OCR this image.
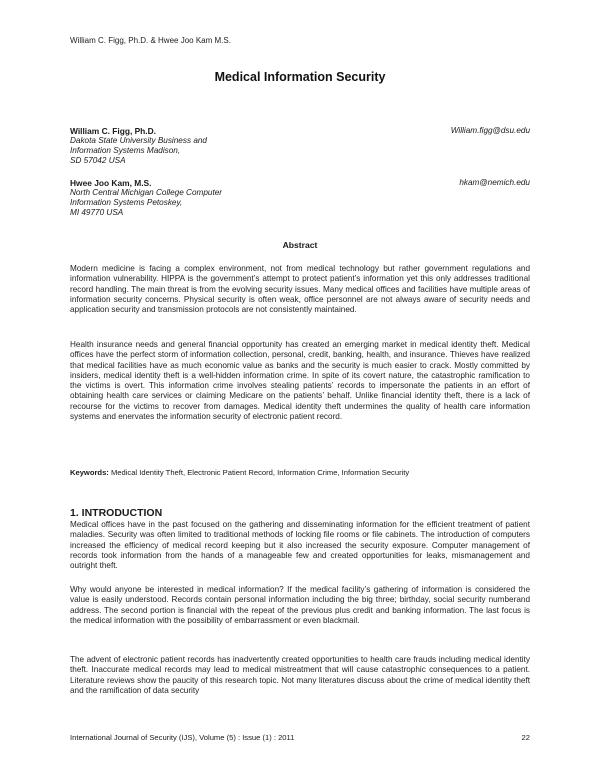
William C. Figg, Ph.D. & Hwee Joo Kam M.S.
Medical Information Security
William C. Figg, Ph.D.	William.figg@dsu.edu
Dakota State University Business and
Information Systems Madison,
SD 57042 USA
Hwee Joo Kam, M.S.	hkam@nemich.edu
North Central Michigan College Computer
Information Systems Petoskey,
MI 49770 USA
Abstract
Modern medicine is facing a complex environment, not from medical technology but rather government regulations and information vulnerability. HIPPA is the government’s attempt to protect patient’s information yet this only addresses traditional record handling. The main threat is from the evolving security issues. Many medical offices and facilities have multiple areas of information security concerns. Physical security is often weak, office personnel are not always aware of security needs and application security and transmission protocols are not consistently maintained.
Health insurance needs and general financial opportunity has created an emerging market in medical identity theft. Medical offices have the perfect storm of information collection, personal, credit, banking, health, and insurance. Thieves have realized that medical facilities have as much economic value as banks and the security is much easier to crack. Mostly committed by insiders, medical identity theft is a well-hidden information crime. In spite of its covert nature, the catastrophic ramification to the victims is overt. This information crime involves stealing patients’ records to impersonate the patients in an effort of obtaining health care services or claiming Medicare on the patients’ behalf. Unlike financial identity theft, there is a lack of recourse for the victims to recover from damages. Medical identity theft undermines the quality of health care information systems and enervates the information security of electronic patient record.
Keywords: Medical Identity Theft, Electronic Patient Record, Information Crime, Information Security
1. INTRODUCTION
Medical offices have in the past focused on the gathering and disseminating information for the efficient treatment of patient maladies. Security was often limited to traditional methods of locking file rooms or file cabinets. The introduction of computers increased the efficiency of medical record keeping but it also increased the security exposure. Computer management of records took information from the hands of a manageable few and created opportunities for leaks, mismanagement and outright theft.
Why would anyone be interested in medical information? If the medical facility’s gathering of information is considered the value is easily understood. Records contain personal information including the big three; birthday, social security numberand address. The second portion is financial with the repeat of the previous plus credit and banking information. The last focus is the medical information with the possibility of embarrassment or even blackmail.
The advent of electronic patient records has inadvertently created opportunities to health care frauds including medical identity theft. Inaccurate medical records may lead to medical mistreatment that will cause catastrophic consequences to a patient. Literature reviews show the paucity of this research topic. Not many literatures discuss about the crime of medical identity theft and the ramification of data security
International Journal of Security (IJS), Volume (5) : Issue (1) : 2011	22
